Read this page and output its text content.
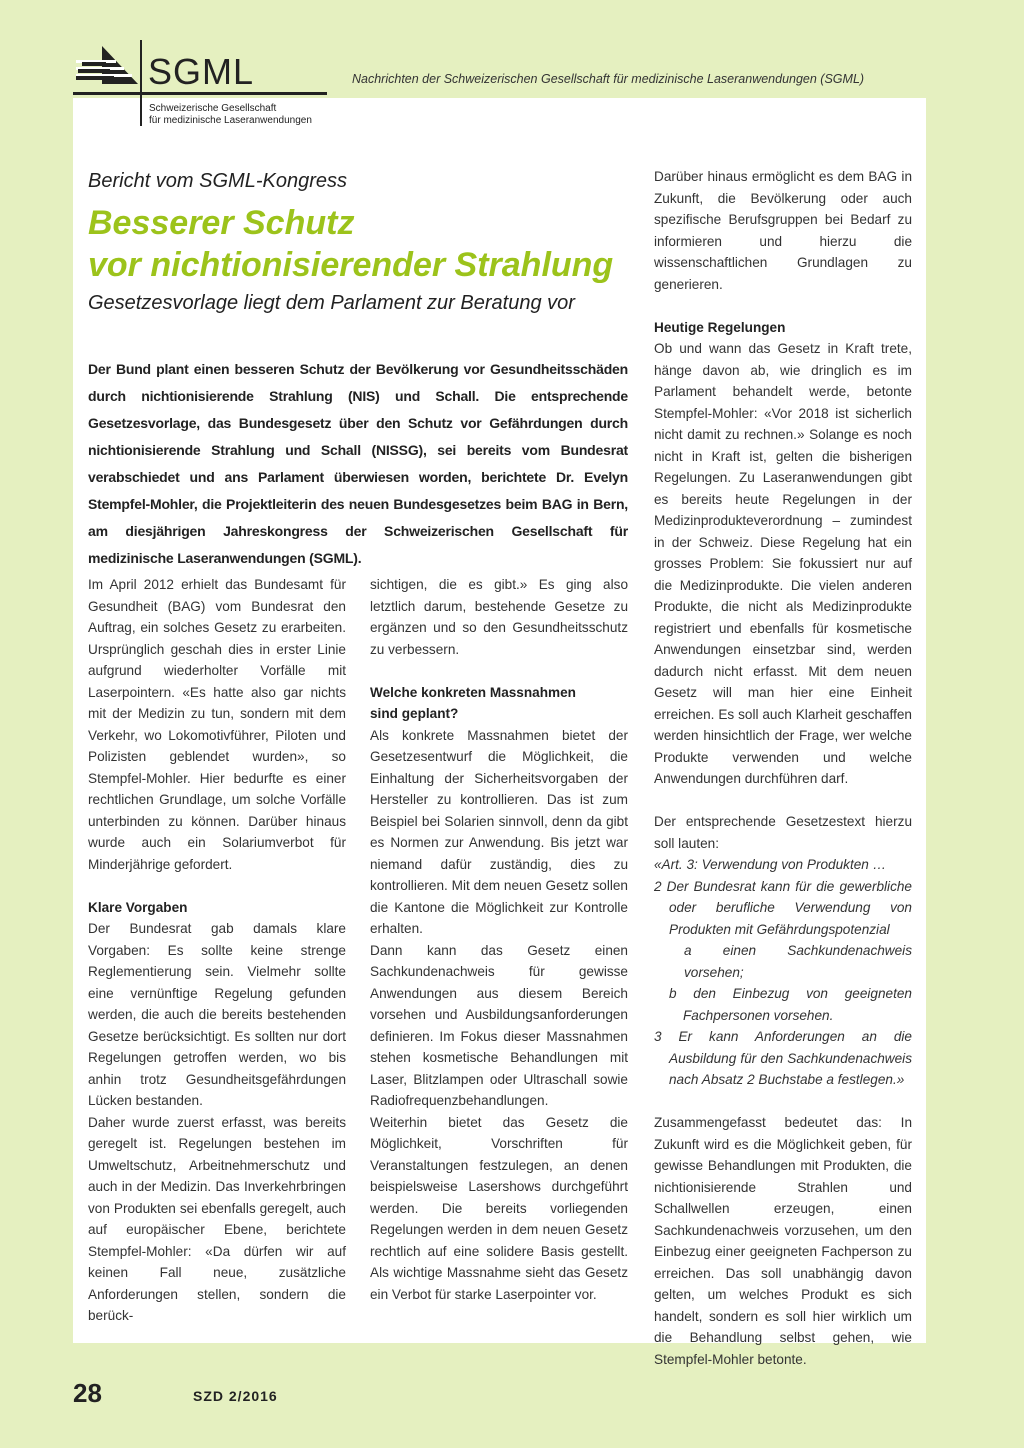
SGML
Schweizerische Gesellschaft
für medizinische Laseranwendungen
Nachrichten der Schweizerischen Gesellschaft für medizinische Laseranwendungen (SGML)
Bericht vom SGML-Kongress
Besserer Schutz
vor nichtionisierender Strahlung
Gesetzesvorlage liegt dem Parlament zur Beratung vor

Der Bund plant einen besseren Schutz der Bevölkerung vor Gesundheitsschäden durch nichtionisierende Strahlung (NIS) und Schall. Die entsprechende Gesetzesvorlage, das Bundesgesetz über den Schutz vor Gefährdungen durch nichtionisierende Strahlung und Schall (NISSG), sei bereits vom Bundesrat verabschiedet und ans Parlament überwiesen worden, berichtete Dr. Evelyn Stempfel-Mohler, die Projektleiterin des neuen Bundesgesetzes beim BAG in Bern, am diesjährigen Jahreskongress der Schweizerischen Gesellschaft für medizinische Laseranwendungen (SGML).

Im April 2012 erhielt das Bundesamt für Gesundheit (BAG) vom Bundesrat den Auftrag, ein solches Gesetz zu erarbeiten. Ursprünglich geschah dies in erster Linie aufgrund wiederholter Vorfälle mit Laserpointern. «Es hatte also gar nichts mit der Medizin zu tun, sondern mit dem Verkehr, wo Lokomotivführer, Piloten und Polizisten geblendet wurden», so Stempfel-Mohler. Hier bedurfte es einer rechtlichen Grundlage, um solche Vorfälle unterbinden zu können. Darüber hinaus wurde auch ein Solariumverbot für Minderjährige gefordert.

Klare Vorgaben

Der Bundesrat gab damals klare Vorgaben: Es sollte keine strenge Reglementierung sein. Vielmehr sollte eine vernünftige Regelung gefunden werden, die auch die bereits bestehenden Gesetze berücksichtigt. Es sollten nur dort Regelungen getroffen werden, wo bis anhin trotz Gesundheitsgefährdungen Lücken bestanden.

Daher wurde zuerst erfasst, was bereits geregelt ist. Regelungen bestehen im Umweltschutz, Arbeitnehmerschutz und auch in der Medizin. Das Inverkehrbringen von Produkten sei ebenfalls geregelt, auch auf europäischer Ebene, berichtete Stempfel-Mohler: «Da dürfen wir auf keinen Fall neue, zusätzliche Anforderungen stellen, sondern die berück-

sichtigen, die es gibt.» Es ging also letztlich darum, bestehende Gesetze zu ergänzen und so den Gesundheitsschutz zu verbessern.

Welche konkreten Massnahmen
sind geplant?

Als konkrete Massnahmen bietet der Gesetzesentwurf die Möglichkeit, die Einhaltung der Sicherheitsvorgaben der Hersteller zu kontrollieren. Das ist zum Beispiel bei Solarien sinnvoll, denn da gibt es Normen zur Anwendung. Bis jetzt war niemand dafür zuständig, dies zu kontrollieren. Mit dem neuen Gesetz sollen die Kantone die Möglichkeit zur Kontrolle erhalten.

Dann kann das Gesetz einen Sachkundenachweis für gewisse Anwendungen aus diesem Bereich vorsehen und Ausbildungsanforderungen definieren. Im Fokus dieser Massnahmen stehen kosmetische Behandlungen mit Laser, Blitzlampen oder Ultraschall sowie Radiofrequenzbehandlungen.

Weiterhin bietet das Gesetz die Möglichkeit, Vorschriften für Veranstaltungen festzulegen, an denen beispielsweise Lasershows durchgeführt werden. Die bereits vorliegenden Regelungen werden in dem neuen Gesetz rechtlich auf eine solidere Basis gestellt. Als wichtige Massnahme sieht das Gesetz ein Verbot für starke Laserpointer vor.

Darüber hinaus ermöglicht es dem BAG in Zukunft, die Bevölkerung oder auch spezifische Berufsgruppen bei Bedarf zu informieren und hierzu die wissenschaftlichen Grundlagen zu generieren.

Heutige Regelungen

Ob und wann das Gesetz in Kraft trete, hänge davon ab, wie dringlich es im Parlament behandelt werde, betonte Stempfel-Mohler: «Vor 2018 ist sicherlich nicht damit zu rechnen.» Solange es noch nicht in Kraft ist, gelten die bisherigen Regelungen. Zu Laseranwendungen gibt es bereits heute Regelungen in der Medizinprodukteverordnung – zumindest in der Schweiz. Diese Regelung hat ein grosses Problem: Sie fokussiert nur auf die Medizinprodukte. Die vielen anderen Produkte, die nicht als Medizinprodukte registriert und ebenfalls für kosmetische Anwendungen einsetzbar sind, werden dadurch nicht erfasst. Mit dem neuen Gesetz will man hier eine Einheit erreichen. Es soll auch Klarheit geschaffen werden hinsichtlich der Frage, wer welche Produkte verwenden und welche Anwendungen durchführen darf.

Der entsprechende Gesetzestext hierzu soll lauten:

«Art. 3: Verwendung von Produkten …

2 Der Bundesrat kann für die gewerbliche oder berufliche Verwendung von Produkten mit Gefährdungspotenzial

a einen Sachkundenachweis vorsehen;

b den Einbezug von geeigneten Fachpersonen vorsehen.

3 Er kann Anforderungen an die Ausbildung für den Sachkundenachweis nach Absatz 2 Buchstabe a festlegen.»

Zusammengefasst bedeutet das: In Zukunft wird es die Möglichkeit geben, für gewisse Behandlungen mit Produkten, die nichtionisierende Strahlen und Schallwellen erzeugen, einen Sachkundenachweis vorzusehen, um den Einbezug einer geeigneten Fachperson zu erreichen. Das soll unabhängig davon gelten, um welches Produkt es sich handelt, sondern es soll hier wirklich um die Behandlung selbst gehen, wie Stempfel-Mohler betonte.

28	SZD 2/2016
